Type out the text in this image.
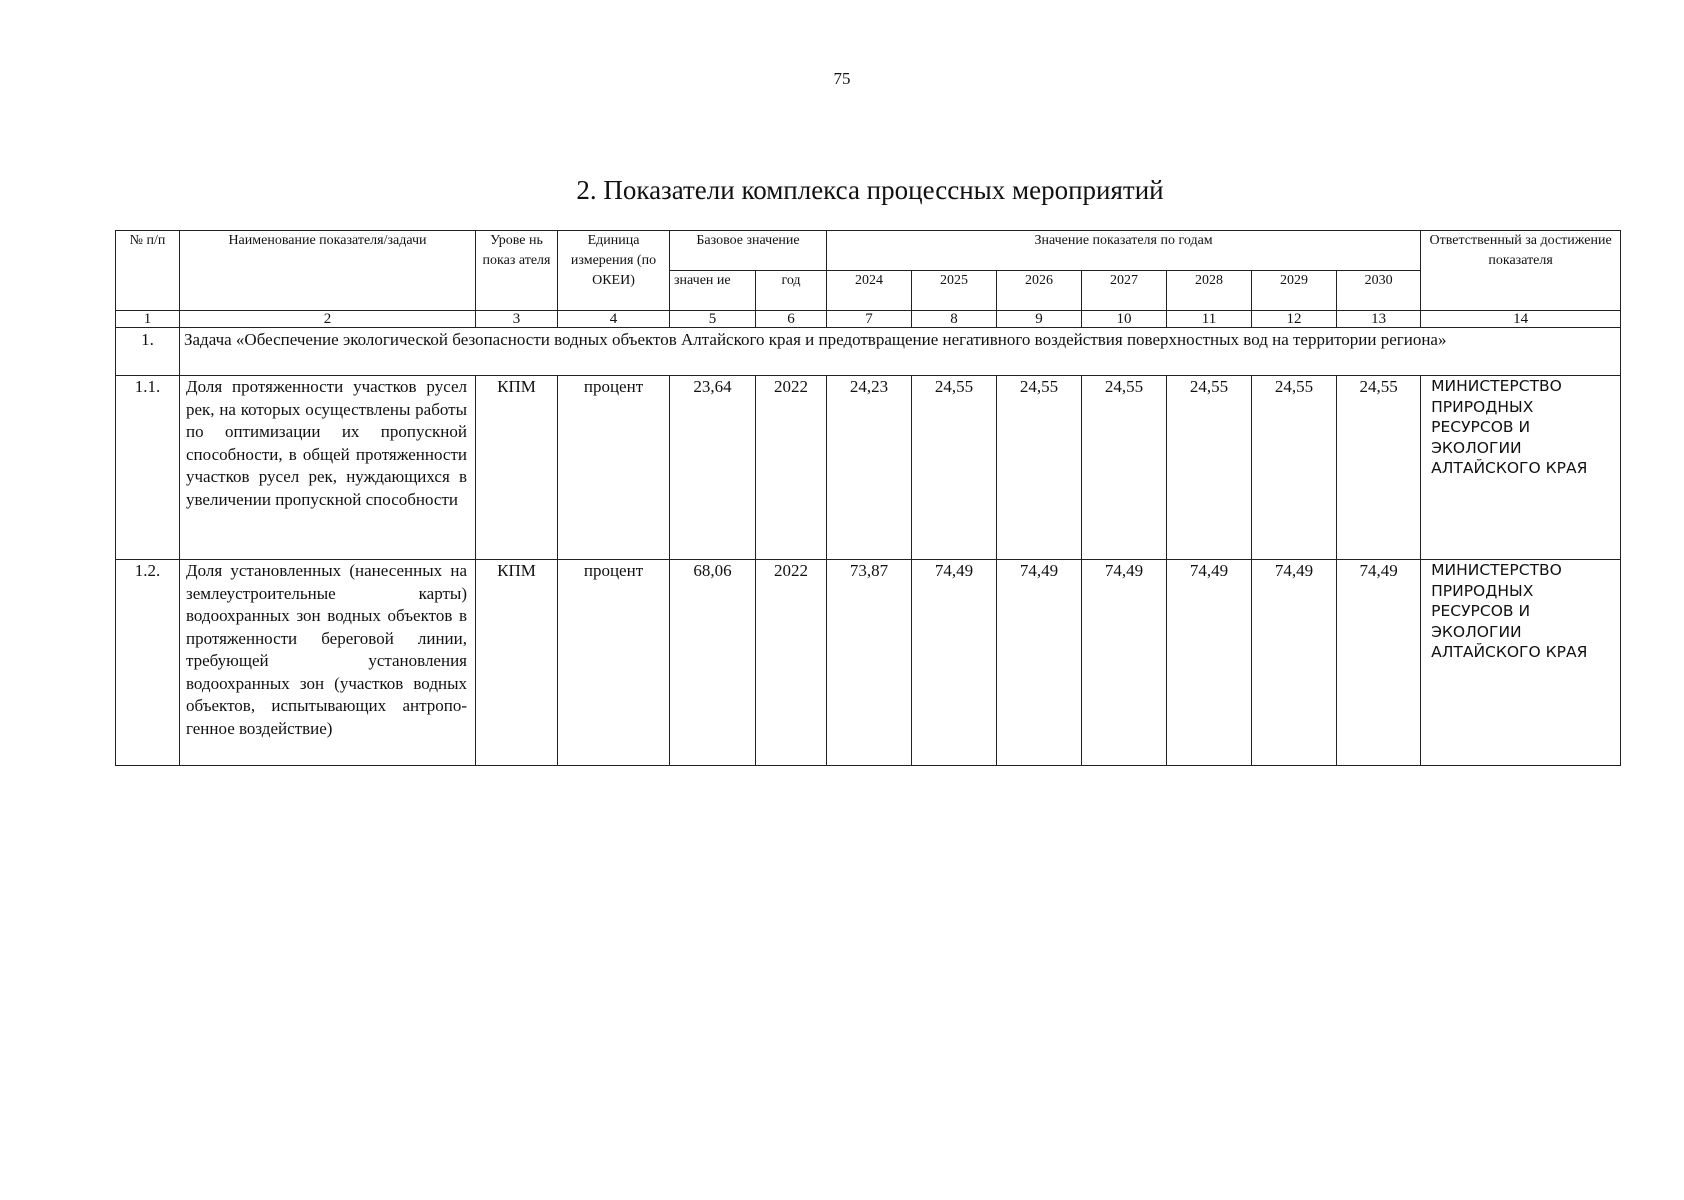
75
2. Показатели комплекса процессных мероприятий
№ п/п	Наименование показателя/задачи	Урове нь показ ателя	Единица измерения (по ОКЕИ)	Базовое значение		Значение показателя по годам							Ответственный за достижение показателя
				значен ие	год	2024	2025	2026	2027	2028	2029	2030	
1	2	3	4	5	6	7	8	9	10	11	12	13	14
1.	Задача «Обеспечение экологической безопасности водных объектов Алтайского края и предотвращение негативного воздействия поверхностных вод на территории региона»												
1.1.	Доля протяженности участков русел рек, на которых осуществлены работы по оптимизации их пропускной способности, в общей протяженности участков русел рек, нуждающихся в увеличении пропускной способности	КПМ	процент	23,64	2022	24,23	24,55	24,55	24,55	24,55	24,55	24,55	МИНИСТЕРСТВО ПРИРОДНЫХ РЕСУРСОВ И ЭКОЛОГИИ АЛТАЙСКОГО КРАЯ
1.2.	Доля установленных (нанесенных на землеустроительные карты) водоохранных зон водных объектов в протяженности береговой линии, требующей установления водоохранных зон (участков водных объектов, испытывающих антропогенное воздействие)	КПМ	процент	68,06	2022	73,87	74,49	74,49	74,49	74,49	74,49	74,49	МИНИСТЕРСТВО ПРИРОДНЫХ РЕСУРСОВ И ЭКОЛОГИИ АЛТАЙСКОГО КРАЯ
